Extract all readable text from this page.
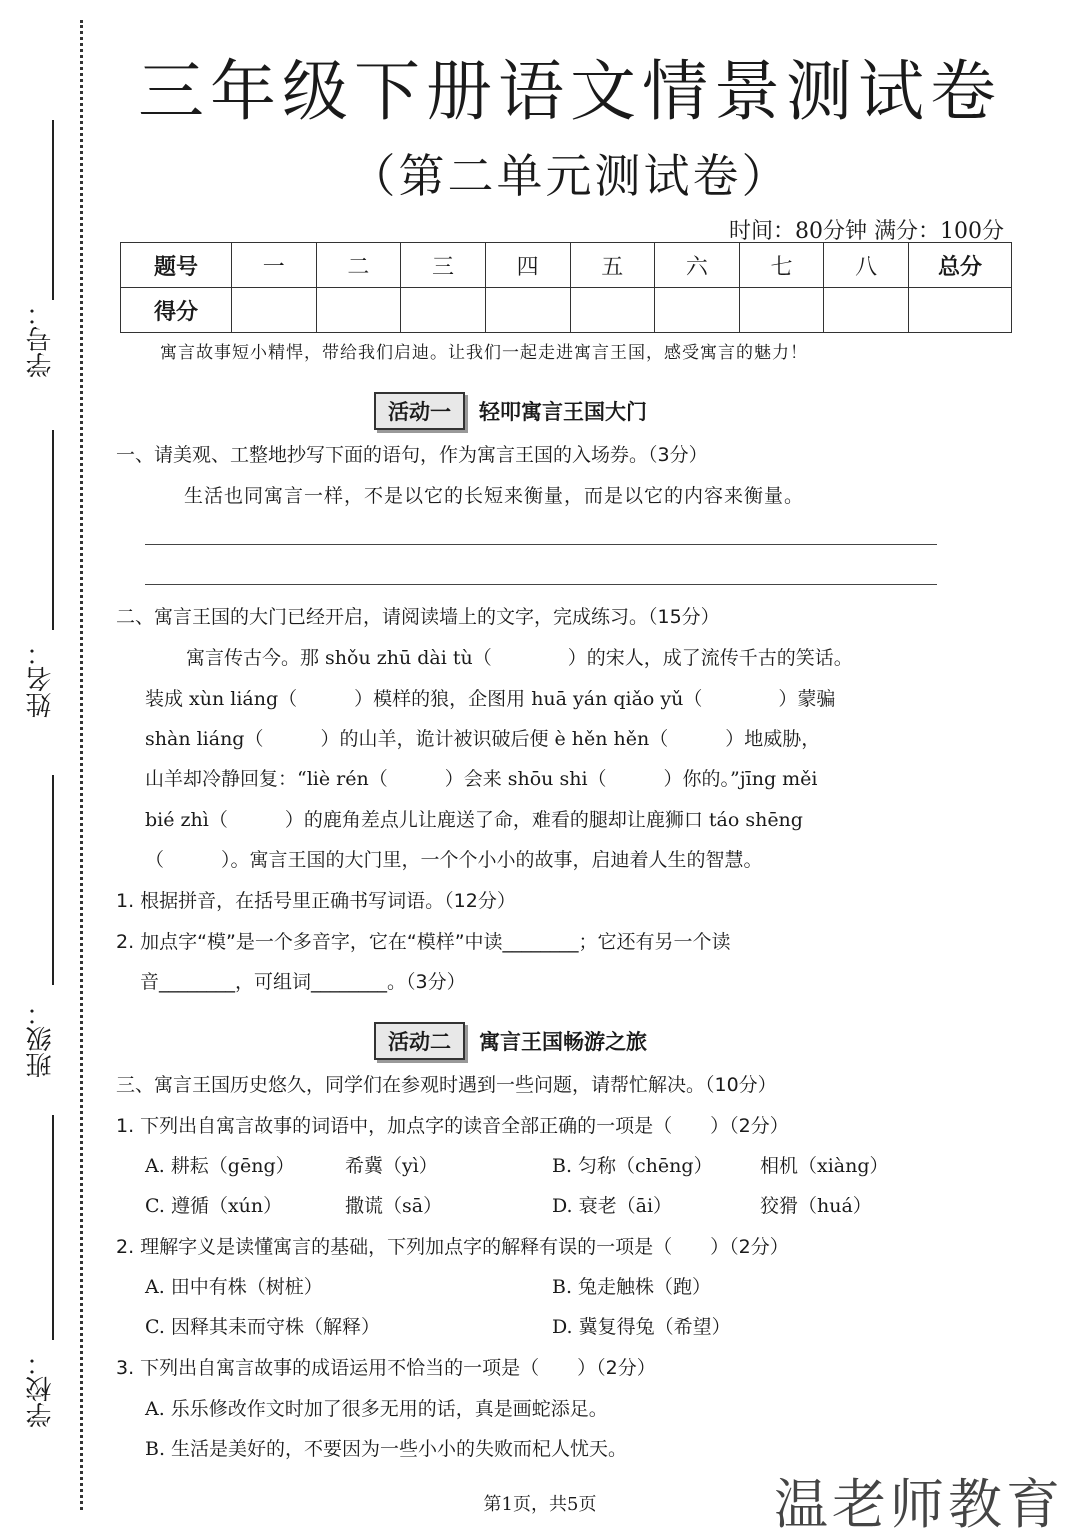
学号：
姓名：
班级：
学校：
三年级下册语文情景测试卷
（第二单元测试卷）
时间：80分钟 满分：100分
题号	一	二	三	四	五	六	七	八	总分
得分									
寓言故事短小精悍，带给我们启迪。让我们一起走进寓言王国，感受寓言的魅力！
活动一 轻叩寓言王国大门
一、请美观、工整地抄写下面的语句，作为寓言王国的入场券。（3分）
生活也同寓言一样，不是以它的长短来衡量，而是以它的内容来衡量。
二、寓言王国的大门已经开启，请阅读墙上的文字，完成练习。（15分）
寓言传古今。那 shǒu zhū dài tù（　　　　）的宋人，成了流传千古的笑话。
装成 xùn liáng（　　　）模样的狼，企图用 huā yán qiǎo yǔ（　　　　）蒙骗
shàn liáng（　　　）的山羊，诡计被识破后便 è hěn hěn（　　　）地威胁，
山羊却冷静回复：“liè rén（　　　）会来 shōu shi（　　　）你的。”jīng měi
bié zhì（　　　）的鹿角差点儿让鹿送了命，难看的腿却让鹿狮口 táo shēng
（　　　）。寓言王国的大门里，一个个小小的故事，启迪着人生的智慧。
1. 根据拼音，在括号里正确书写词语。（12分）
2. 加点字“模”是一个多音字，它在“模样”中读________；它还有另一个读
音________，可组词________。（3分）
活动二 寓言王国畅游之旅
三、寓言王国历史悠久，同学们在参观时遇到一些问题，请帮忙解决。（10分）
1. 下列出自寓言故事的词语中，加点字的读音全部正确的一项是（　　）（2分）
A. 耕耘（gēng）	希冀（yì）	B. 匀称（chēng） 相机（xiàng）
C. 遵循（xún）	撒谎（sā）	D. 衰老（āi）	狡猾（huá）
2. 理解字义是读懂寓言的基础，下列加点字的解释有误的一项是（　　）（2分）
A. 田中有株（树桩）	B. 兔走触株（跑）
C. 因释其耒而守株（解释）	D. 冀复得兔（希望）
3. 下列出自寓言故事的成语运用不恰当的一项是（　　）（2分）
A. 乐乐修改作文时加了很多无用的话，真是画蛇添足。
B. 生活是美好的，不要因为一些小小的失败而杞人忧天。
第1页，共5页	温老师教育
